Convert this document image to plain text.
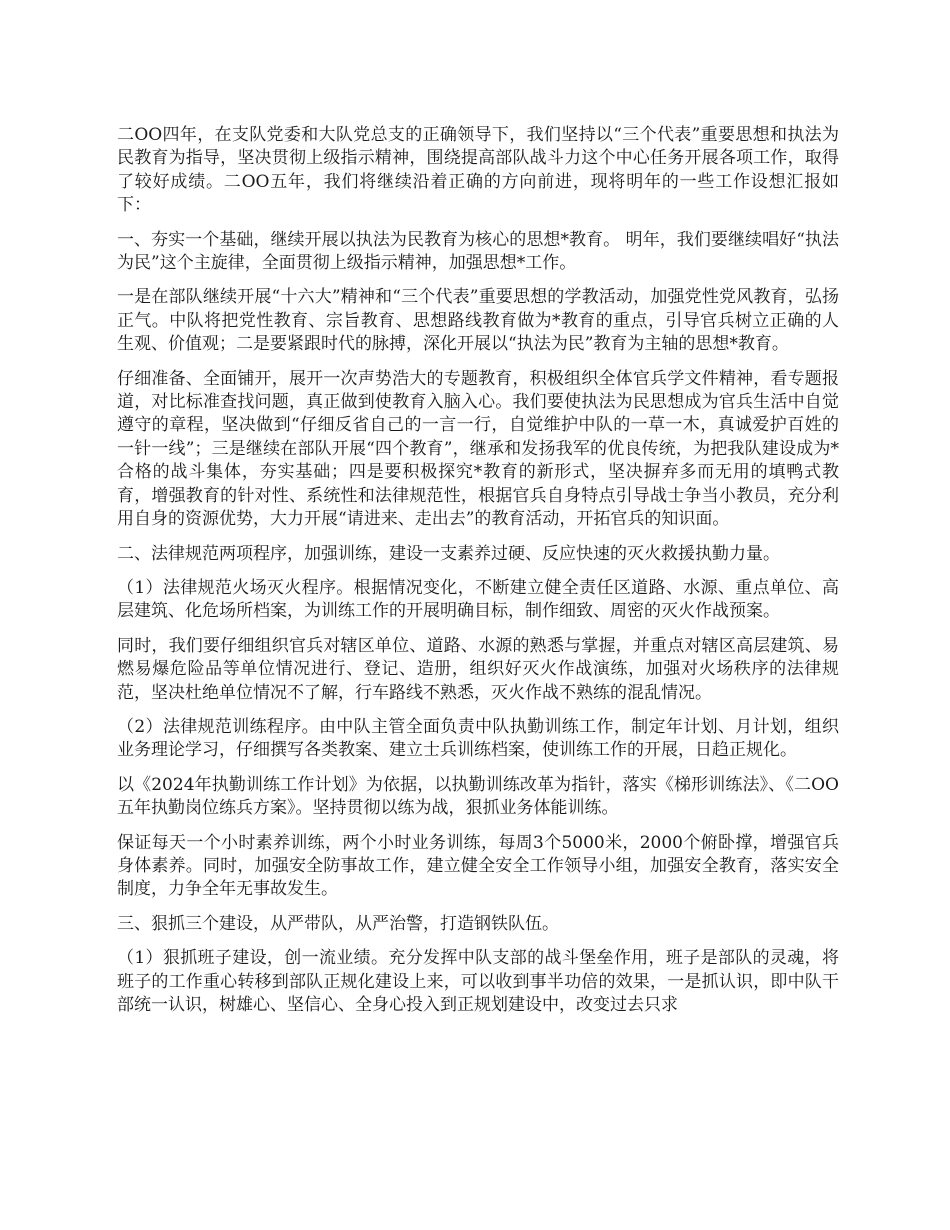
二OO四年，在支队党委和大队党总支的正确领导下，我们坚持以“三个代表”重要思想和执法为民教育为指导，坚决贯彻上级指示精神，围绕提高部队战斗力这个中心任务开展各项工作，取得了较好成绩。二OO五年，我们将继续沿着正确的方向前进，现将明年的一些工作设想汇报如下：

一、夯实一个基础，继续开展以执法为民教育为核心的思想*教育。 明年，我们要继续唱好“执法为民”这个主旋律，全面贯彻上级指示精神，加强思想*工作。

一是在部队继续开展“十六大”精神和“三个代表”重要思想的学教活动，加强党性党风教育，弘扬正气。中队将把党性教育、宗旨教育、思想路线教育做为*教育的重点，引导官兵树立正确的人生观、价值观；二是要紧跟时代的脉搏，深化开展以“执法为民”教育为主轴的思想*教育。

仔细准备、全面铺开，展开一次声势浩大的专题教育，积极组织全体官兵学文件精神，看专题报道，对比标准查找问题，真正做到使教育入脑入心。我们要使执法为民思想成为官兵生活中自觉遵守的章程，坚决做到“仔细反省自己的一言一行，自觉维护中队的一草一木，真诚爱护百姓的一针一线”；三是继续在部队开展“四个教育”，继承和发扬我军的优良传统，为把我队建设成为*合格的战斗集体，夯实基础；四是要积极探究*教育的新形式，坚决摒弃多而无用的填鸭式教育，增强教育的针对性、系统性和法律规范性，根据官兵自身特点引导战士争当小教员，充分利用自身的资源优势，大力开展“请进来、走出去”的教育活动，开拓官兵的知识面。

二、法律规范两项程序，加强训练，建设一支素养过硬、反应快速的灭火救援执勤力量。

（1）法律规范火场灭火程序。根据情况变化，不断建立健全责任区道路、水源、重点单位、高层建筑、化危场所档案，为训练工作的开展明确目标，制作细致、周密的灭火作战预案。

同时，我们要仔细组织官兵对辖区单位、道路、水源的熟悉与掌握，并重点对辖区高层建筑、易燃易爆危险品等单位情况进行、登记、造册，组织好灭火作战演练，加强对火场秩序的法律规范，坚决杜绝单位情况不了解，行车路线不熟悉，灭火作战不熟练的混乱情况。

（2）法律规范训练程序。由中队主管全面负责中队执勤训练工作，制定年计划、月计划，组织业务理论学习，仔细撰写各类教案、建立士兵训练档案，使训练工作的开展，日趋正规化。

以《2024年执勤训练工作计划》为依据，以执勤训练改革为指针，落实《梯形训练法》、《二OO五年执勤岗位练兵方案》。坚持贯彻以练为战，狠抓业务体能训练。

保证每天一个小时素养训练，两个小时业务训练，每周3个5000米，2000个俯卧撑，增强官兵身体素养。同时，加强安全防事故工作，建立健全安全工作领导小组，加强安全教育，落实安全制度，力争全年无事故发生。

三、狠抓三个建设，从严带队，从严治警，打造钢铁队伍。

（1）狠抓班子建设，创一流业绩。充分发挥中队支部的战斗堡垒作用，班子是部队的灵魂，将班子的工作重心转移到部队正规化建设上来，可以收到事半功倍的效果，一是抓认识，即中队干部统一认识，树雄心、坚信心、全身心投入到正规划建设中，改变过去只求
